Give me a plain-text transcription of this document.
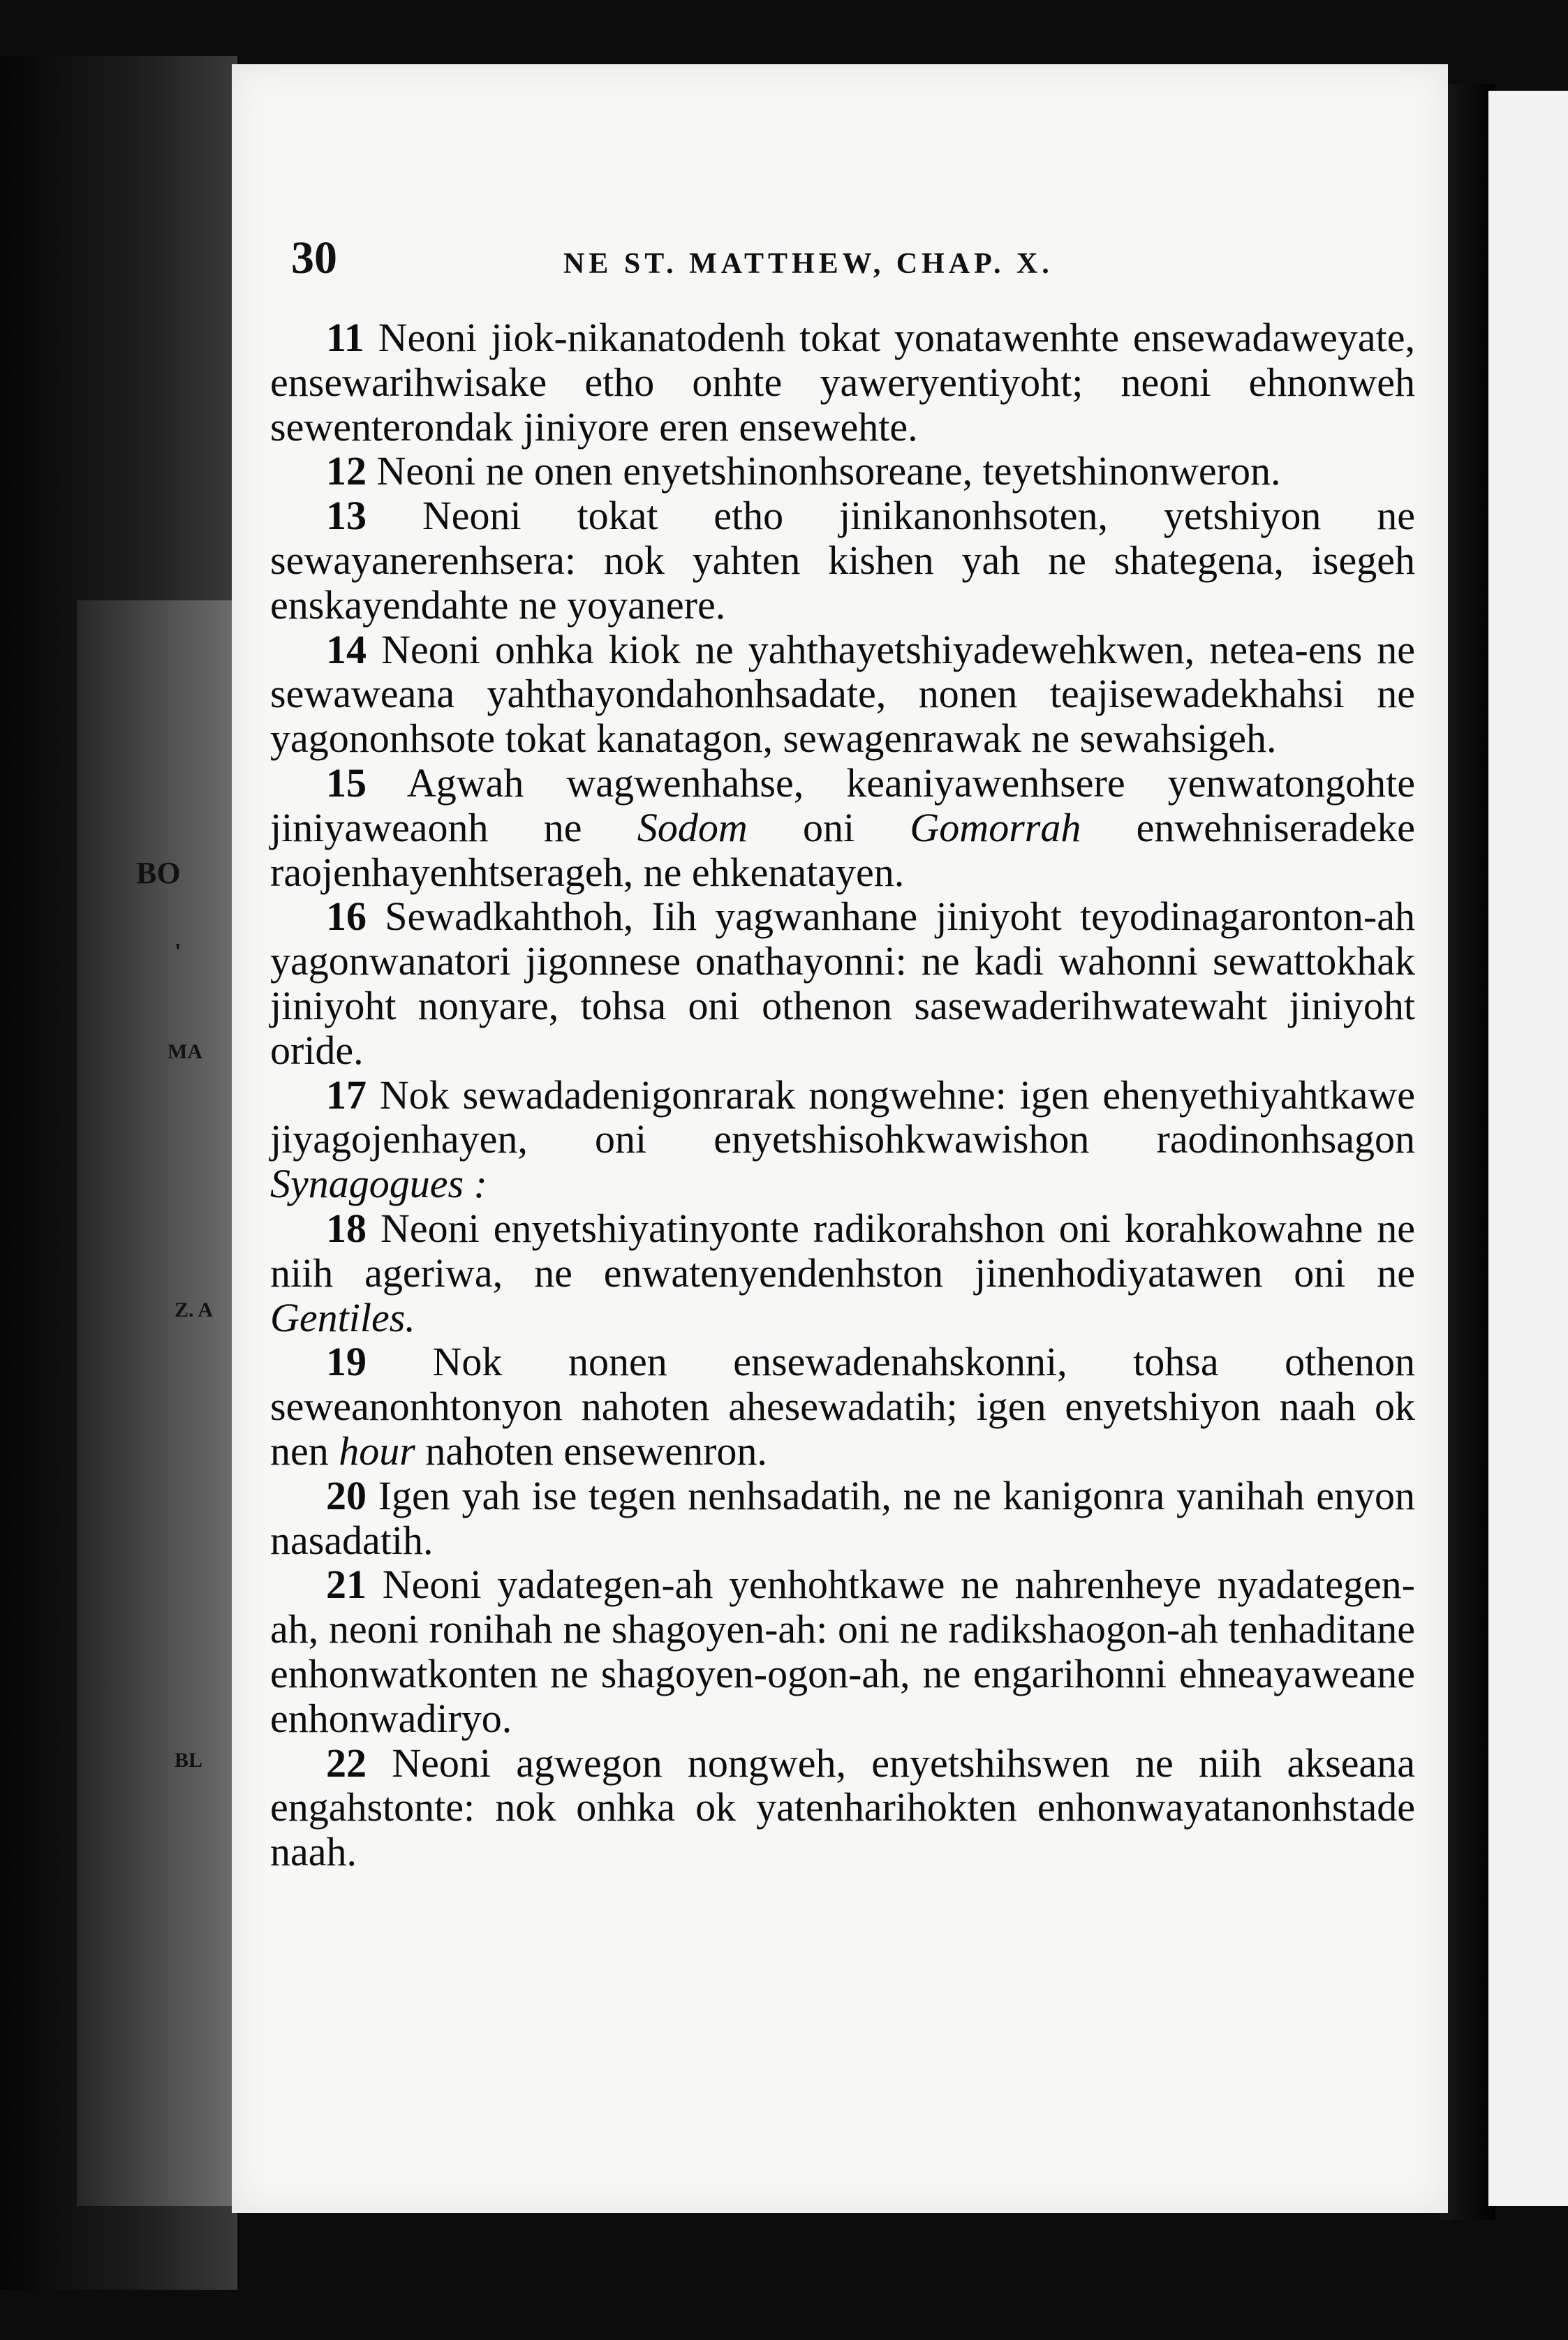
BO
'
MA
Z. A
BL
30	NE ST. MATTHEW, CHAP. X.

11 Neoni jiok-nikanatodenh tokat yonatawenhte ensewadaweyate, ensewarihwisake etho onhte yaweryentiyoht; neoni ehnonweh sewenterondak jiniyore eren ensewehte.

12 Neoni ne onen enyetshinonhsoreane, teyetshinonweron.

13 Neoni tokat etho jinikanonhsoten, yetshiyon ne sewayanerenhsera: nok yahten kishen yah ne shategena, isegeh enskayendahte ne yoyanere.

14 Neoni onhka kiok ne yahthayetshiyadewehkwen, netea-ens ne sewaweana yahthayondahonhsadate, nonen teajisewadekhahsi ne yagononhsote tokat kanatagon, sewagenrawak ne sewahsigeh.

15 Agwah wagwenhahse, keaniyawenhsere yenwatongohte jiniyaweaonh ne Sodom oni Gomorrah enwehniseradeke raojenhayenhtserageh, ne ehkenatayen.

16 Sewadkahthoh, Iih yagwanhane jiniyoht teyodinagaronton-ah yagonwanatori jigonnese onathayonni: ne kadi wahonni sewattokhak jiniyoht nonyare, tohsa oni othenon sasewaderihwatewaht jiniyoht oride.

17 Nok sewadadenigonrarak nongwehne: igen ehenyethiyahtkawe jiyagojenhayen, oni enyetshisohkwawishon raodinonhsagon Synagogues :

18 Neoni enyetshiyatinyonte radikorahshon oni korahkowahne ne niih ageriwa, ne enwatenyendenhston jinenhodiyatawen oni ne Gentiles.

19 Nok nonen ensewadenahskonni, tohsa othenon seweanonhtonyon nahoten ahesewadatih; igen enyetshiyon naah ok nen hour nahoten ensewenron.

20 Igen yah ise tegen nenhsadatih, ne ne kanigonra yanihah enyon nasadatih.

21 Neoni yadategen-ah yenhohtkawe ne nahrenheye nyadategen-ah, neoni ronihah ne shagoyen-ah: oni ne radikshaogon-ah tenhaditane enhonwatkonten ne shagoyen-ogon-ah, ne engarihonni ehneayaweane enhonwadiryo.

22 Neoni agwegon nongweh, enyetshihswen ne niih akseana engahstonte: nok onhka ok yatenharihokten enhonwayatanonhstade naah.
